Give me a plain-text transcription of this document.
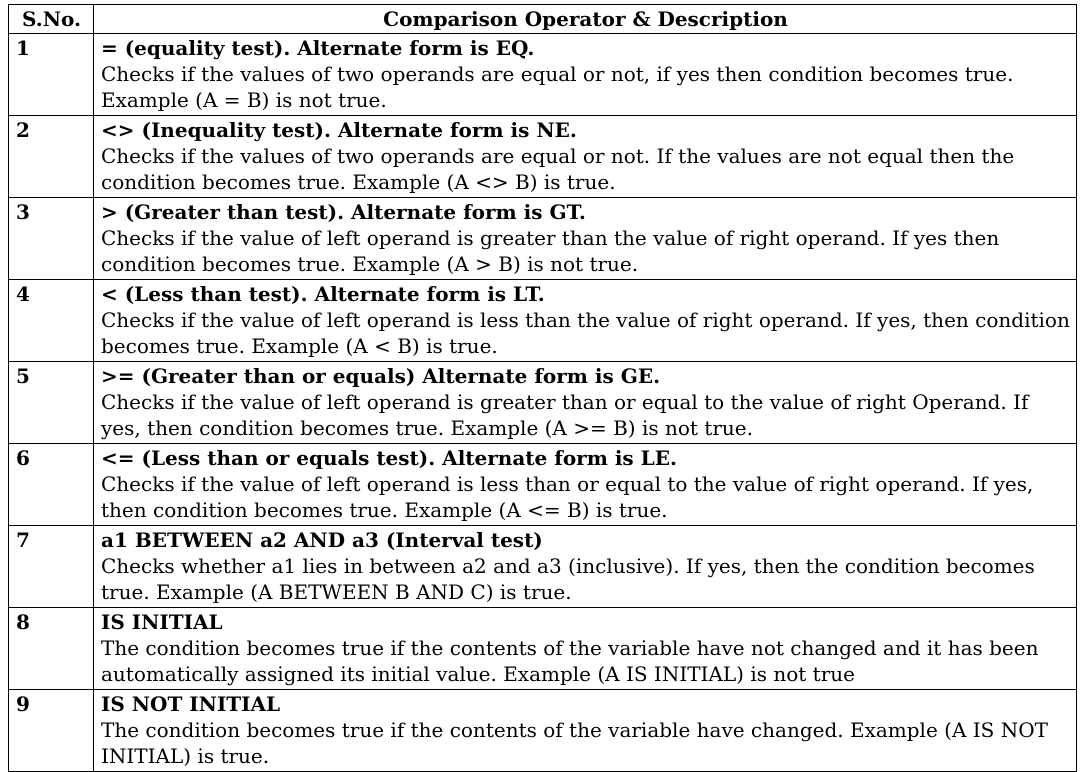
S.No.	Comparison Operator & Description
1	= (equality test). Alternate form is EQ.
Checks if the values of two operands are equal or not, if yes then condition becomes true. Example (A = B) is not true.

2	<> (Inequality test). Alternate form is NE.
Checks if the values of two operands are equal or not. If the values are not equal then the condition becomes true. Example (A <> B) is true.

3	> (Greater than test). Alternate form is GT.
Checks if the value of left operand is greater than the value of right operand. If yes then condition becomes true. Example (A > B) is not true.

4	< (Less than test). Alternate form is LT.
Checks if the value of left operand is less than the value of right operand. If yes, then condition becomes true. Example (A < B) is true.

5	>= (Greater than or equals) Alternate form is GE.
Checks if the value of left operand is greater than or equal to the value of right Operand. If yes, then condition becomes true. Example (A >= B) is not true.

6	<= (Less than or equals test). Alternate form is LE.
Checks if the value of left operand is less than or equal to the value of right operand. If yes, then condition becomes true. Example (A <= B) is true.

7	a1 BETWEEN a2 AND a3 (Interval test)
Checks whether a1 lies in between a2 and a3 (inclusive). If yes, then the condition becomes true. Example (A BETWEEN B AND C) is true.

8	IS INITIAL
The condition becomes true if the contents of the variable have not changed and it has been automatically assigned its initial value. Example (A IS INITIAL) is not true

9	IS NOT INITIAL
The condition becomes true if the contents of the variable have changed. Example (A IS NOT INITIAL) is true.
